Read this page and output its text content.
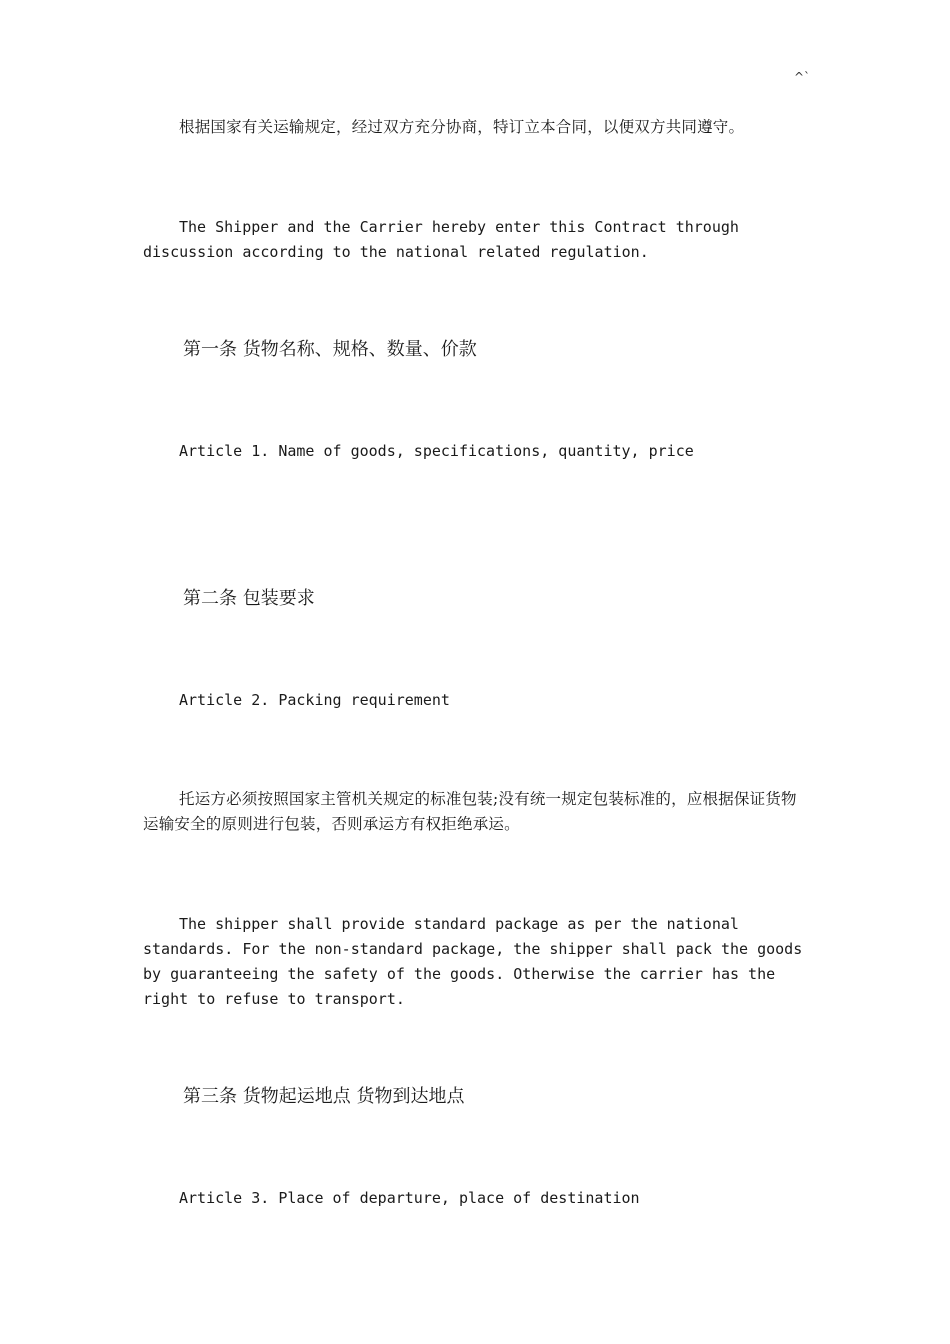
^`

根据国家有关运输规定，经过双方充分协商，特订立本合同，以便双方共同遵守。

The Shipper and the Carrier hereby enter this Contract through discussion according to the national related regulation.

第一条 货物名称、规格、数量、价款

Article 1. Name of goods, specifications, quantity, price

第二条 包装要求

Article 2. Packing requirement

托运方必须按照国家主管机关规定的标准包装;没有统一规定包装标准的，应根据保证货物运输安全的原则进行包装，否则承运方有权拒绝承运。

The shipper shall provide standard package as per the national standards. For the non-standard package, the shipper shall pack the goods by guaranteeing the safety of the goods. Otherwise the carrier has the right to refuse to transport.

第三条 货物起运地点 货物到达地点

Article 3. Place of departure, place of destination
